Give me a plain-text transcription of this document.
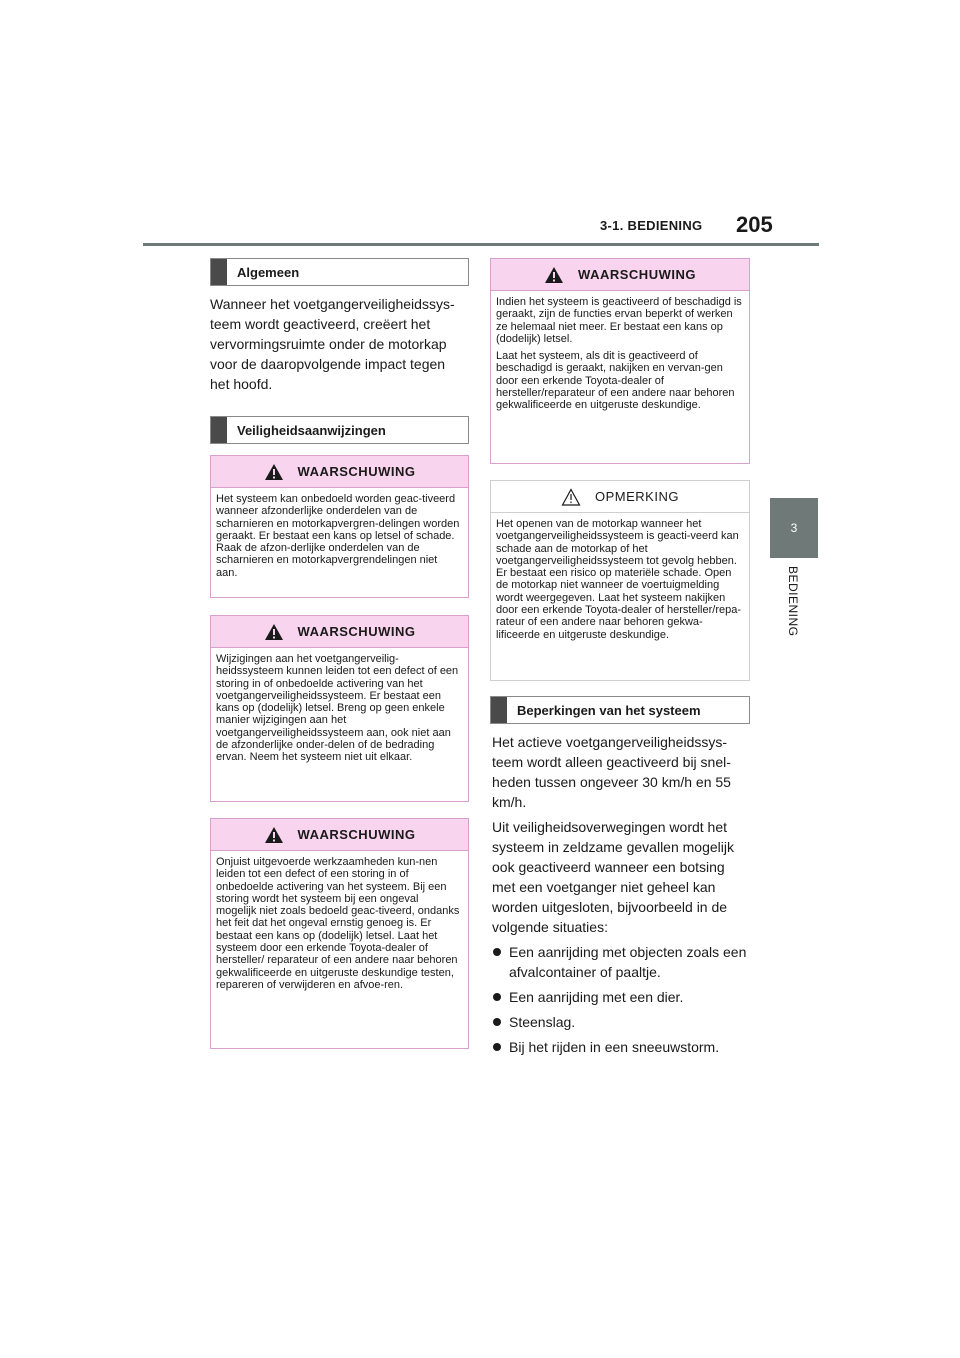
3-1. BEDIENING 205
3
BEDIENING
Algemeen

Wanneer het voetgangerveiligheidssys-teem wordt geactiveerd, creëert het vervormingsruimte onder de motorkap voor de daaropvolgende impact tegen het hoofd.

Veiligheidsaanwijzingen
WAARSCHUWING

Het systeem kan onbedoeld worden geac-tiveerd wanneer afzonderlijke onderdelen van de scharnieren en motorkapvergren-delingen worden geraakt. Er bestaat een kans op letsel of schade. Raak de afzon-derlijke onderdelen van de scharnieren en motorkapvergrendelingen niet aan.

WAARSCHUWING

Wijzigingen aan het voetgangerveilig-heidssysteem kunnen leiden tot een defect of een storing in of onbedoelde activering van het voetgangerveiligheidssysteem. Er bestaat een kans op (dodelijk) letsel. Breng op geen enkele manier wijzigingen aan het voetgangerveiligheidssysteem aan, ook niet aan de afzonderlijke onder-delen of de bedrading ervan. Neem het systeem niet uit elkaar.

WAARSCHUWING

Onjuist uitgevoerde werkzaamheden kun-nen leiden tot een defect of een storing in of onbedoelde activering van het systeem. Bij een storing wordt het systeem bij een ongeval mogelijk niet zoals bedoeld geac-tiveerd, ondanks het feit dat het ongeval ernstig genoeg is. Er bestaat een kans op (dodelijk) letsel. Laat het systeem door een erkende Toyota-dealer of hersteller/ reparateur of een andere naar behoren gekwalificeerde en uitgeruste deskundige testen, repareren of verwijderen en afvoe-ren.

WAARSCHUWING

Indien het systeem is geactiveerd of beschadigd is geraakt, zijn de functies ervan beperkt of werken ze helemaal niet meer. Er bestaat een kans op (dodelijk) letsel.

Laat het systeem, als dit is geactiveerd of beschadigd is geraakt, nakijken en vervan-gen door een erkende Toyota-dealer of hersteller/reparateur of een andere naar behoren gekwalificeerde en uitgeruste deskundige.

OPMERKING

Het openen van de motorkap wanneer het voetgangerveiligheidssysteem is geacti-veerd kan schade aan de motorkap of het voetgangerveiligheidssysteem tot gevolg hebben. Er bestaat een risico op materiële schade. Open de motorkap niet wanneer de voertuigmelding wordt weergegeven. Laat het systeem nakijken door een erkende Toyota-dealer of hersteller/repa-rateur of een andere naar behoren gekwa-lificeerde en uitgeruste deskundige.

Beperkingen van het systeem

Het actieve voetgangerveiligheidssys-teem wordt alleen geactiveerd bij snel-heden tussen ongeveer 30 km/h en 55 km/h.

Uit veiligheidsoverwegingen wordt het systeem in zeldzame gevallen mogelijk ook geactiveerd wanneer een botsing met een voetganger niet geheel kan worden uitgesloten, bijvoorbeeld in de volgende situaties:

Een aanrijding met objecten zoals een afvalcontainer of paaltje.
Een aanrijding met een dier.
Steenslag.
Bij het rijden in een sneeuwstorm.
